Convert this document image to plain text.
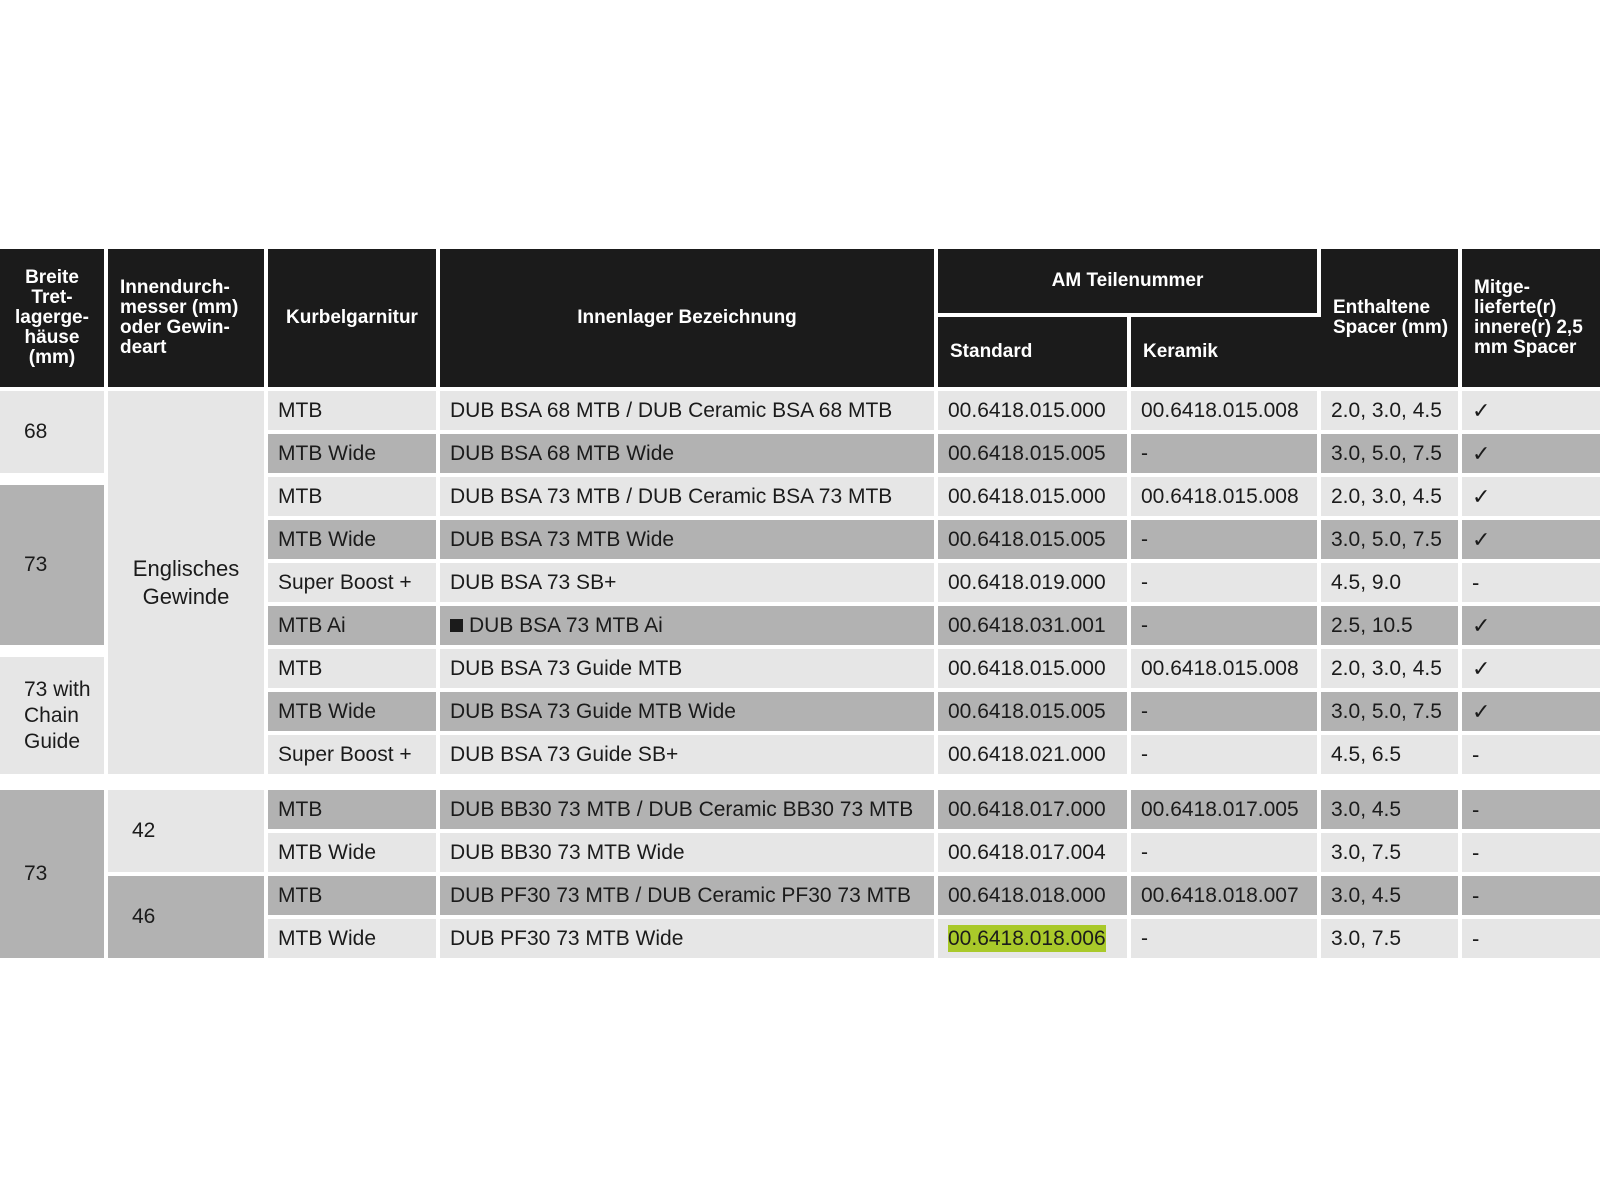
Breite Tret-lagerge-häuse (mm)	Innendurch-messer (mm) oder Gewin-deart	Kurbelgarnitur	Innenlager Bezeichnung	AM Teilenummer		Enthaltene Spacer (mm)	Mitge-lieferte(r) innere(r) 2,5 mm Spacer
				Standard	Keramik		
68	Englisches Gewinde	MTB	DUB BSA 68 MTB / DUB Ceramic BSA 68 MTB	00.6418.015.000	00.6418.015.008	2.0, 3.0, 4.5	✓
		MTB Wide	DUB BSA 68 MTB Wide	00.6418.015.005	-	3.0, 5.0, 7.5	✓
73		MTB	DUB BSA 73 MTB / DUB Ceramic BSA 73 MTB	00.6418.015.000	00.6418.015.008	2.0, 3.0, 4.5	✓
		MTB Wide	DUB BSA 73 MTB Wide	00.6418.015.005	-	3.0, 5.0, 7.5	✓
		Super Boost +	DUB BSA 73 SB+	00.6418.019.000	-	4.5, 9.0	-
		MTB Ai	DUB BSA 73 MTB Ai	00.6418.031.001	-	2.5, 10.5	✓
73 with Chain Guide		MTB	DUB BSA 73 Guide MTB	00.6418.015.000	00.6418.015.008	2.0, 3.0, 4.5	✓
		MTB Wide	DUB BSA 73 Guide MTB Wide	00.6418.015.005	-	3.0, 5.0, 7.5	✓
		Super Boost +	DUB BSA 73 Guide SB+	00.6418.021.000	-	4.5, 6.5	-
73	42	MTB	DUB BB30 73 MTB / DUB Ceramic BB30 73 MTB	00.6418.017.000	00.6418.017.005	3.0, 4.5	-
		MTB Wide	DUB BB30 73 MTB Wide	00.6418.017.004	-	3.0, 7.5	-
	46	MTB	DUB PF30 73 MTB / DUB Ceramic PF30 73 MTB	00.6418.018.000	00.6418.018.007	3.0, 4.5	-
		MTB Wide	DUB PF30 73 MTB Wide	00.6418.018.006	-	3.0, 7.5	-
